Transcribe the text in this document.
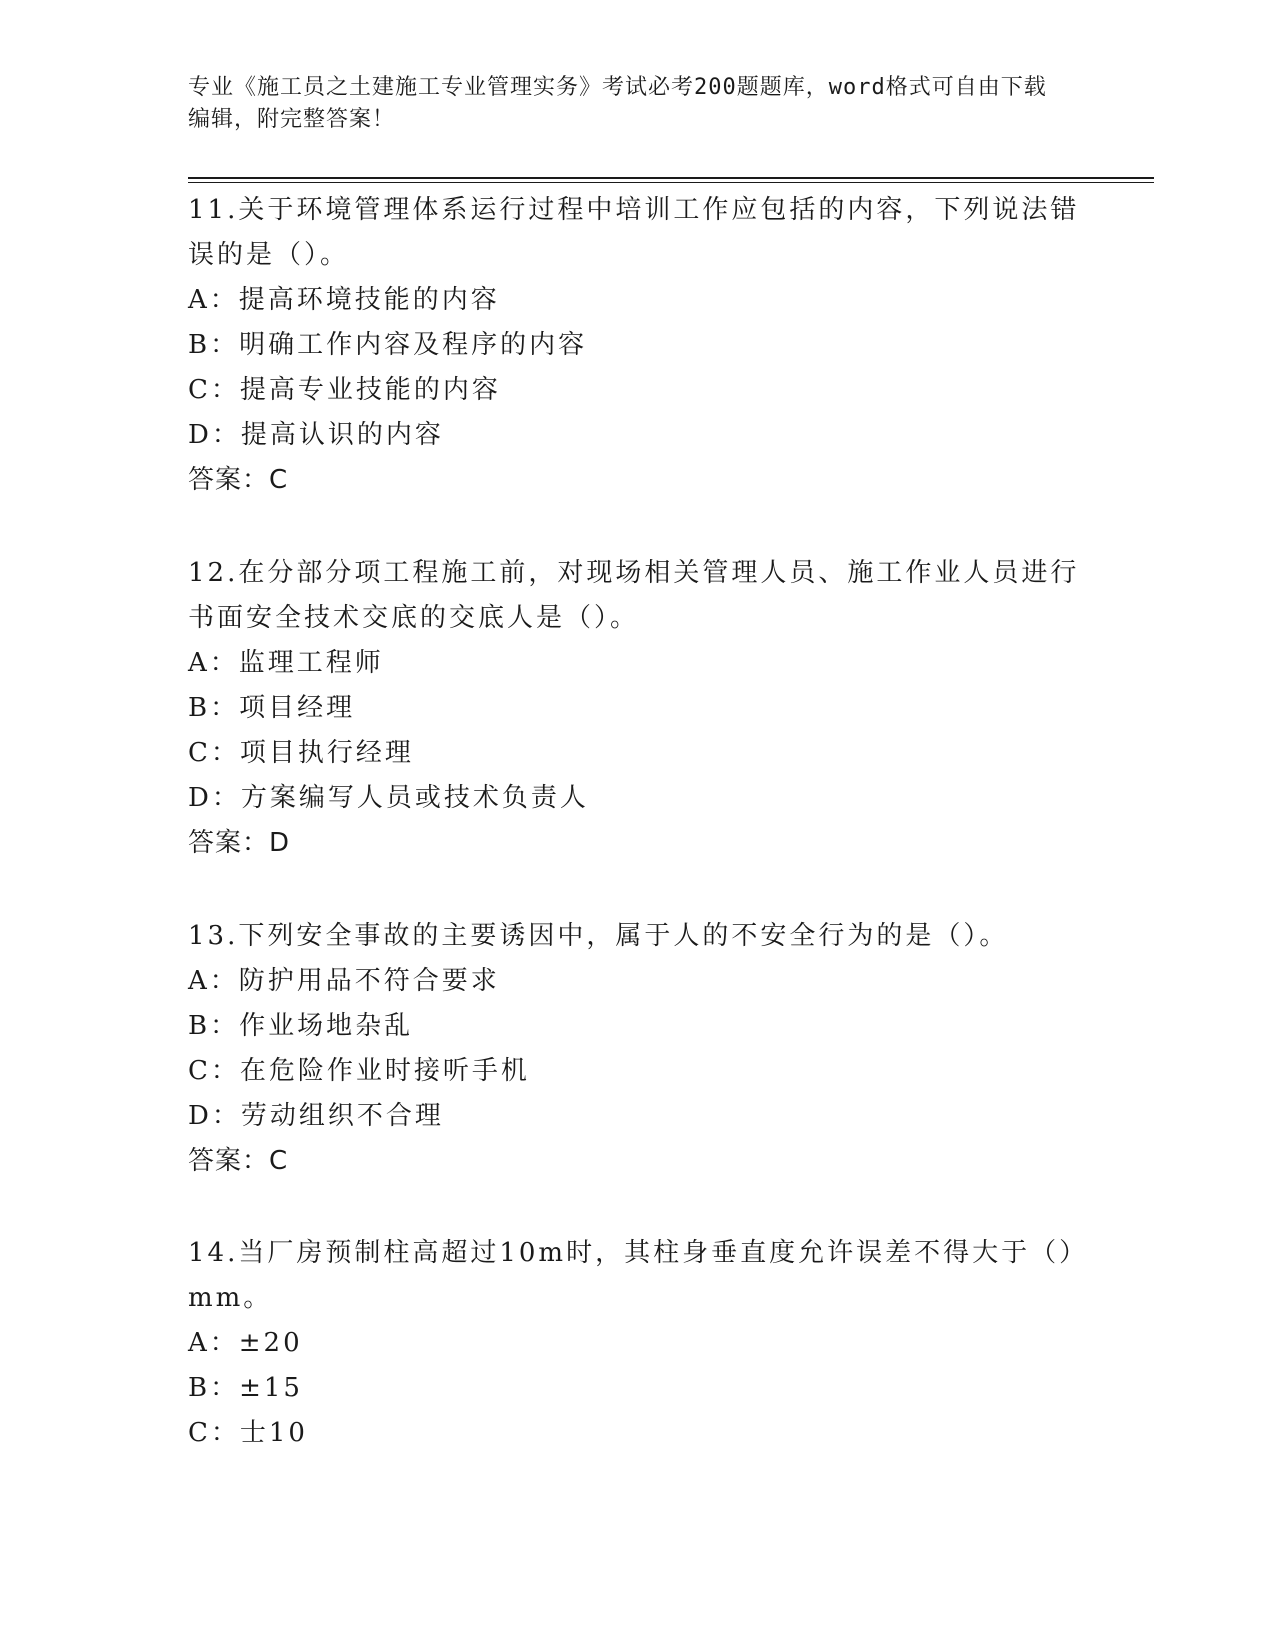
专业《施工员之土建施工专业管理实务》考试必考200题题库，word格式可自由下载编辑，附完整答案！

11.关于环境管理体系运行过程中培训工作应包括的内容，下列说法错误的是（）。

A：提高环境技能的内容

B：明确工作内容及程序的内容

C：提高专业技能的内容

D：提高认识的内容

答案：C

12.在分部分项工程施工前，对现场相关管理人员、施工作业人员进行书面安全技术交底的交底人是（）。

A：监理工程师

B：项目经理

C：项目执行经理

D：方案编写人员或技术负责人

答案：D

13.下列安全事故的主要诱因中，属于人的不安全行为的是（）。

A：防护用品不符合要求

B：作业场地杂乱

C：在危险作业时接听手机

D：劳动组织不合理

答案：C

14.当厂房预制柱高超过10m时，其柱身垂直度允许误差不得大于（）mm。

A：±20

B：±15

C：士10
